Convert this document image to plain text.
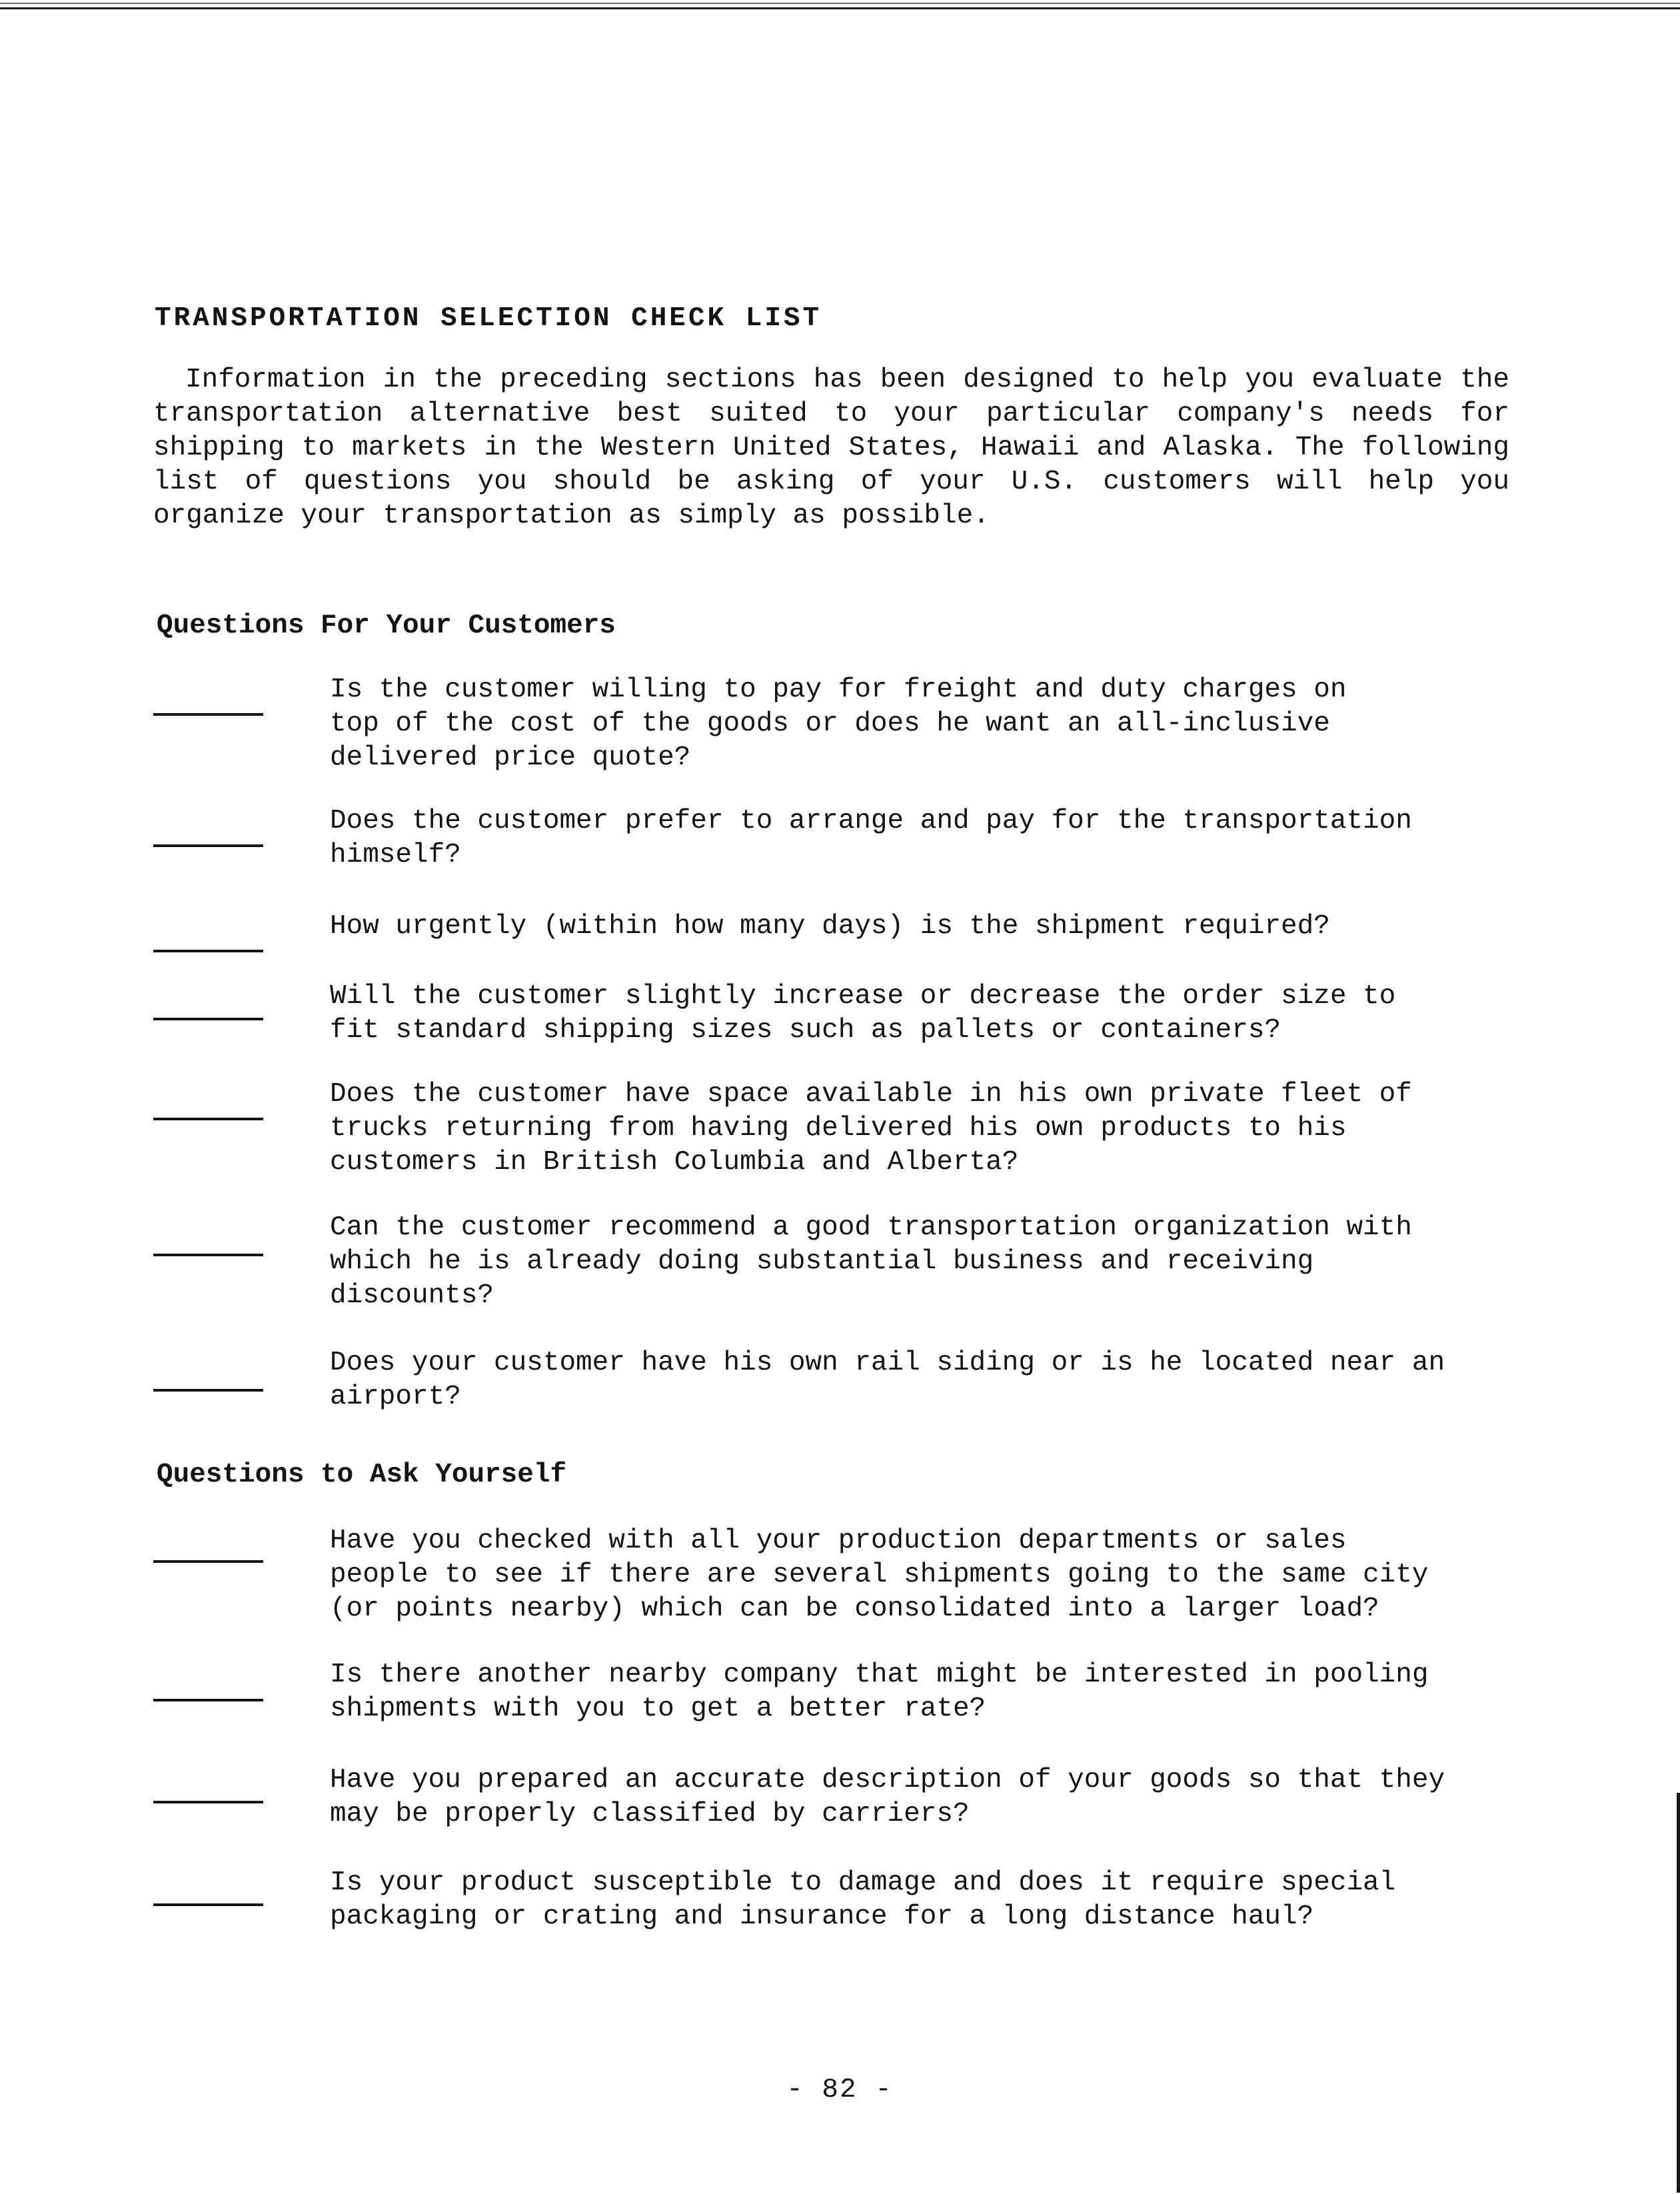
TRANSPORTATION SELECTION CHECK LIST

Information in the preceding sections has been designed to help you evaluate the transportation alternative best suited to your particular company's needs for shipping to markets in the Western United States, Hawaii and Alaska. The following list of questions you should be asking of your U.S. customers will help you organize your transportation as simply as possible.

Questions For Your Customers
Is the customer willing to pay for freight and duty charges on
top of the cost of the goods or does he want an all-inclusive
delivered price quote?
Does the customer prefer to arrange and pay for the transportation
himself?
How urgently (within how many days) is the shipment required?
Will the customer slightly increase or decrease the order size to
fit standard shipping sizes such as pallets or containers?
Does the customer have space available in his own private fleet of
trucks returning from having delivered his own products to his
customers in British Columbia and Alberta?
Can the customer recommend a good transportation organization with
which he is already doing substantial business and receiving
discounts?
Does your customer have his own rail siding or is he located near an
airport?
Questions to Ask Yourself
Have you checked with all your production departments or sales
people to see if there are several shipments going to the same city
(or points nearby) which can be consolidated into a larger load?
Is there another nearby company that might be interested in pooling
shipments with you to get a better rate?
Have you prepared an accurate description of your goods so that they
may be properly classified by carriers?
Is your product susceptible to damage and does it require special
packaging or crating and insurance for a long distance haul?
- 82 -
